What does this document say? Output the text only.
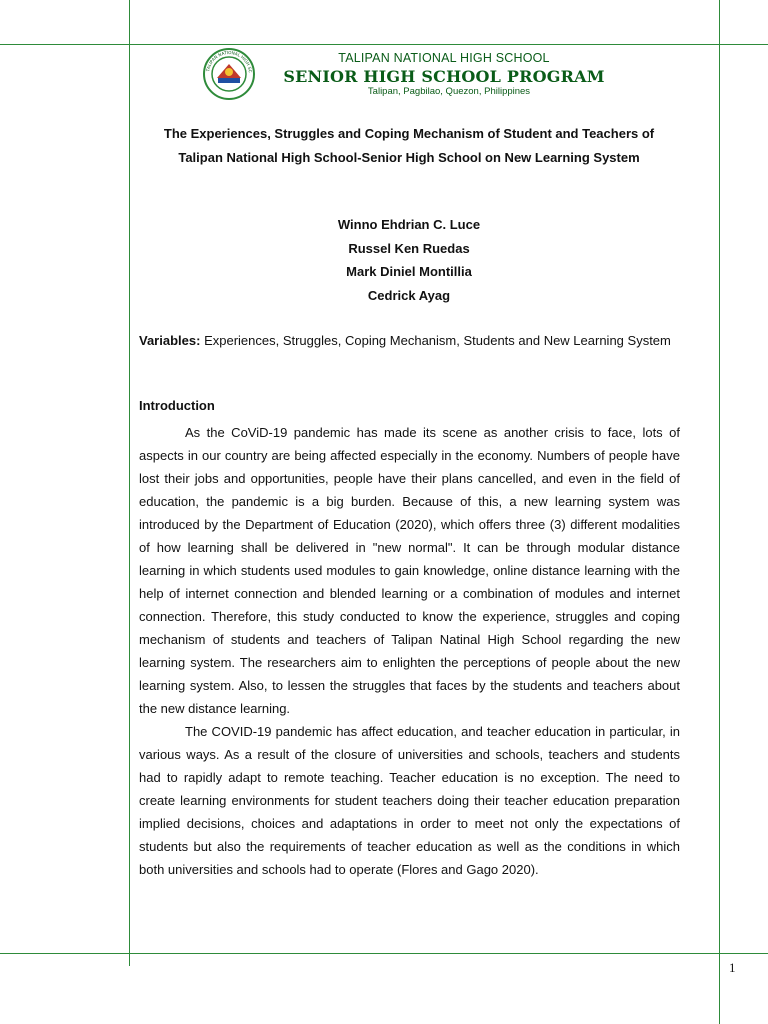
TALIPAN NATIONAL HIGH SC
TALIPAN NATIONAL HIGH SCHOOL
SENIOR HIGH SCHOOL PROGRAM
Talipan, Pagbilao, Quezon, Philippines
The Experiences, Struggles and Coping Mechanism of Student and Teachers of
Talipan National High School-Senior High School on New Learning System
Winno Ehdrian C. Luce
Russel Ken Ruedas
Mark Diniel Montillia
Cedrick Ayag
Variables: Experiences, Struggles, Coping Mechanism, Students and New Learning System
Introduction

As the CoViD-19 pandemic has made its scene as another crisis to face, lots of aspects in our country are being affected especially in the economy. Numbers of people have lost their jobs and opportunities, people have their plans cancelled, and even in the field of education, the pandemic is a big burden. Because of this, a new learning system was introduced by the Department of Education (2020), which offers three (3) different modalities of how learning shall be delivered in "new normal". It can be through modular distance learning in which students used modules to gain knowledge, online distance learning with the help of internet connection and blended learning or a combination of modules and internet connection. Therefore, this study conducted to know the experience, struggles and coping mechanism of students and teachers of Talipan Natinal High School regarding the new learning system. The researchers aim to enlighten the perceptions of people about the new learning system. Also, to lessen the struggles that faces by the students and teachers about the new distance learning.

The COVID-19 pandemic has affect education, and teacher education in particular, in various ways. As a result of the closure of universities and schools, teachers and students had to rapidly adapt to remote teaching. Teacher education is no exception. The need to create learning environments for student teachers doing their teacher education preparation implied decisions, choices and adaptations in order to meet not only the expectations of students but also the requirements of teacher education as well as the conditions in which both universities and schools had to operate (Flores and Gago 2020).

1
